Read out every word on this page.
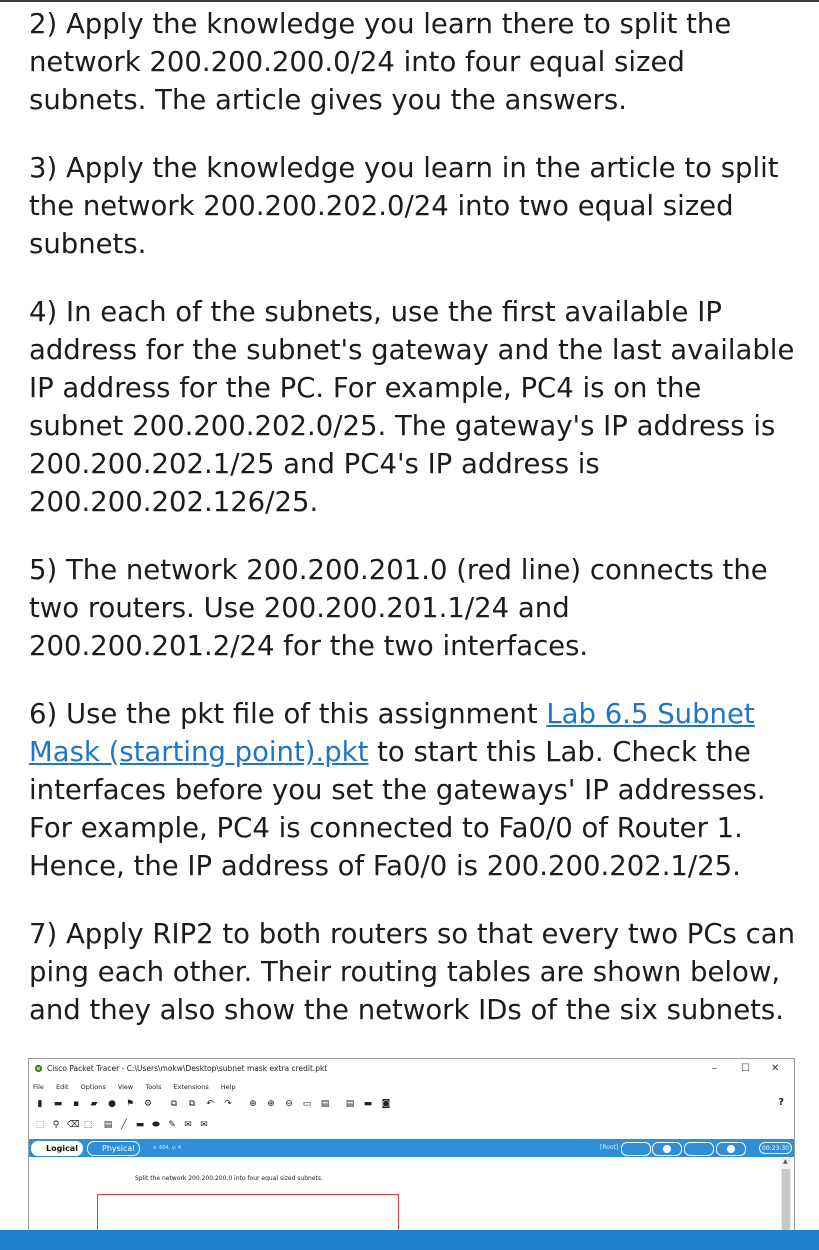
2) Apply the knowledge you learn there to split the
network 200.200.200.0/24 into four equal sized
subnets. The article gives you the answers.

3) Apply the knowledge you learn in the article to split
the network 200.200.202.0/24 into two equal sized
subnets.

4) In each of the subnets, use the first available IP
address for the subnet's gateway and the last available
IP address for the PC. For example, PC4 is on the
subnet 200.200.202.0/25. The gateway's IP address is
200.200.202.1/25 and PC4's IP address is
200.200.202.126/25.

5) The network 200.200.201.0 (red line) connects the
two routers. Use 200.200.201.1/24 and
200.200.201.2/24 for the two interfaces.

6) Use the pkt file of this assignment Lab 6.5 Subnet
Mask (starting point).pkt to start this Lab. Check the
interfaces before you set the gateways' IP addresses.
For example, PC4 is connected to Fa0/0 of Router 1.
Hence, the IP address of Fa0/0 is 200.200.202.1/25.

7) Apply RIP2 to both routers so that every two PCs can
ping each other. Their routing tables are shown below,
and they also show the network IDs of the six subnets.

Cisco Packet Tracer - C:\Users\mokw\Desktop\subnet mask extra credit.pkt	– ☐ ✕
File Edit Options View Tools Extensions Help
▮ ▬ ▪ ▰ ● ⚑ ⚙ ⧉ ⧉ ↶ ↷ ⊕ ⊕ ⊖ ▭ ▤ ▤ ▬ ◙	?
⬚ ⚲ ⌫ ⬚ ▤ ╱ ▬ ⬬ ✎ ✉ ✉
Logical	Physical	x: 604, y: 4	[Root]	00:23:30
Split the network 200.200.200.0 into four equal sized subnets.
▲
